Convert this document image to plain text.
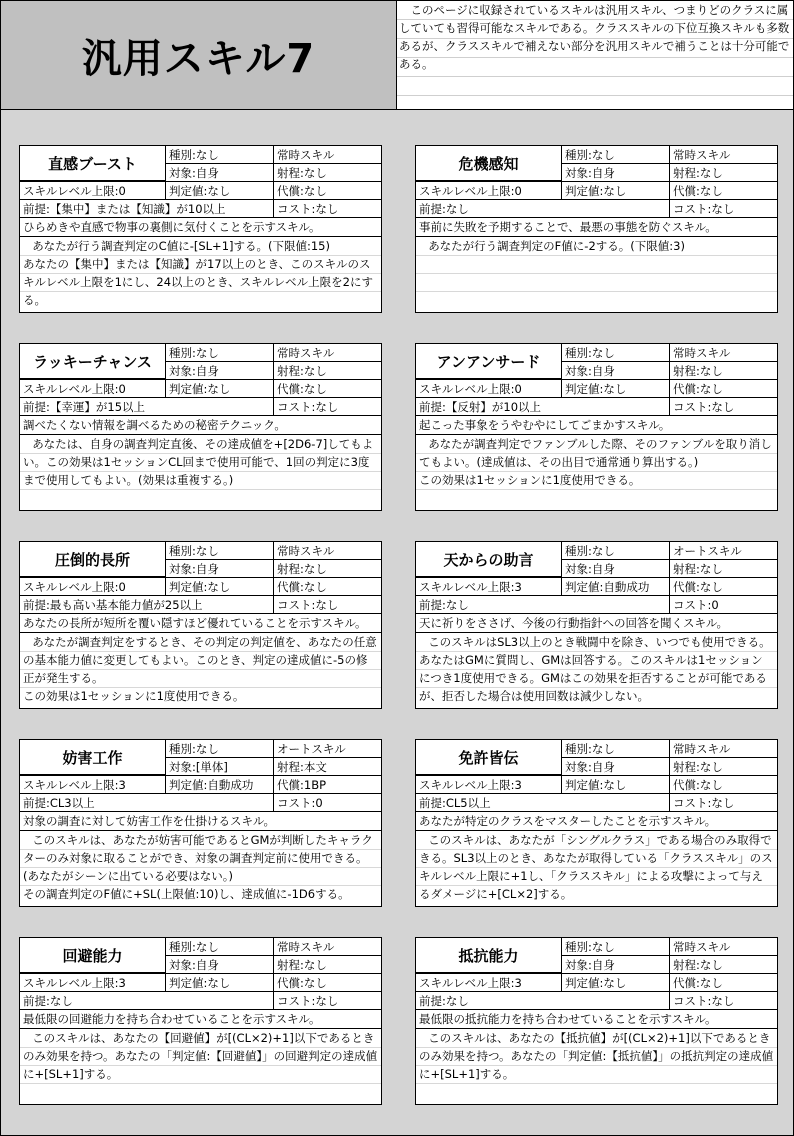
汎用スキル7
このページに収録されているスキルは汎用スキル、つまりどのクラスに属していても習得可能なスキルである。クラススキルの下位互換スキルも多数あるが、クラススキルで補えない部分を汎用スキルで補うことは十分可能である。
直感ブースト	種別:なし	常時スキル
対象:自身	射程:なし
スキルレベル上限:0	判定値:なし	代償:なし
前提:【集中】または【知識】が10以上	コスト:なし
ひらめきや直感で物事の裏側に気付くことを示すスキル。
あなたが行う調査判定のC値に-[SL+1]する。(下限値:15)
あなたの【集中】または【知識】が17以上のとき、このスキルのスキルレベル上限を1にし、24以上のとき、スキルレベル上限を2にする。
危機感知	種別:なし	常時スキル
対象:自身	射程:なし
スキルレベル上限:0	判定値:なし	代償:なし
前提:なし	コスト:なし
事前に失敗を予期することで、最悪の事態を防ぐスキル。
あなたが行う調査判定のF値に-2する。(下限値:3)
ラッキーチャンス	種別:なし	常時スキル
対象:自身	射程:なし
スキルレベル上限:0	判定値:なし	代償:なし
前提:【幸運】が15以上	コスト:なし
調べたくない情報を調べるための秘密テクニック。
あなたは、自身の調査判定直後、その達成値を+[2D6-7]してもよい。この効果は1セッションCL回まで使用可能で、1回の判定に3度まで使用してもよい。(効果は重複する。)
アンアンサード	種別:なし	常時スキル
対象:自身	射程:なし
スキルレベル上限:0	判定値:なし	代償:なし
前提:【反射】が10以上	コスト:なし
起こった事象をうやむやにしてごまかすスキル。
あなたが調査判定でファンブルした際、そのファンブルを取り消してもよい。(達成値は、その出目で通常通り算出する。)
この効果は1セッションに1度使用できる。
圧倒的長所	種別:なし	常時スキル
対象:自身	射程:なし
スキルレベル上限:0	判定値:なし	代償:なし
前提:最も高い基本能力値が25以上	コスト:なし
あなたの長所が短所を覆い隠すほど優れていることを示すスキル。
あなたが調査判定をするとき、その判定の判定値を、あなたの任意の基本能力値に変更してもよい。このとき、判定の達成値に-5の修正が発生する。
この効果は1セッションに1度使用できる。
天からの助言	種別:なし	オートスキル
対象:自身	射程:なし
スキルレベル上限:3	判定値:自動成功	代償:なし
前提:なし	コスト:0
天に祈りをささげ、今後の行動指針への回答を聞くスキル。
このスキルはSL3以上のとき戦闘中を除き、いつでも使用できる。あなたはGMに質問し、GMは回答する。このスキルは1セッションにつき1度使用できる。GMはこの効果を拒否することが可能であるが、拒否した場合は使用回数は減少しない。
妨害工作	種別:なし	オートスキル
対象:[単体]	射程:本文
スキルレベル上限:3	判定値:自動成功	代償:1BP
前提:CL3以上	コスト:0
対象の調査に対して妨害工作を仕掛けるスキル。
このスキルは、あなたが妨害可能であるとGMが判断したキャラクターのみ対象に取ることができ、対象の調査判定前に使用できる。(あなたがシーンに出ている必要はない。)
その調査判定のF値に+SL(上限値:10)し、達成値に-1D6する。
免許皆伝	種別:なし	常時スキル
対象:自身	射程:なし
スキルレベル上限:3	判定値:なし	代償:なし
前提:CL5以上	コスト:なし
あなたが特定のクラスをマスターしたことを示すスキル。
このスキルは、あなたが「シングルクラス」である場合のみ取得できる。SL3以上のとき、あなたが取得している「クラススキル」のスキルレベル上限に+1し、「クラススキル」による攻撃によって与えるダメージに+[CL×2]する。
回避能力	種別:なし	常時スキル
対象:自身	射程:なし
スキルレベル上限:3	判定値:なし	代償:なし
前提:なし	コスト:なし
最低限の回避能力を持ち合わせていることを示すスキル。
このスキルは、あなたの【回避値】が[(CL×2)+1]以下であるときのみ効果を持つ。あなたの「判定値:【回避値】」の回避判定の達成値に+[SL+1]する。
抵抗能力	種別:なし	常時スキル
対象:自身	射程:なし
スキルレベル上限:3	判定値:なし	代償:なし
前提:なし	コスト:なし
最低限の抵抗能力を持ち合わせていることを示すスキル。
このスキルは、あなたの【抵抗値】が[(CL×2)+1]以下であるときのみ効果を持つ。あなたの「判定値:【抵抗値】」の抵抗判定の達成値に+[SL+1]する。
